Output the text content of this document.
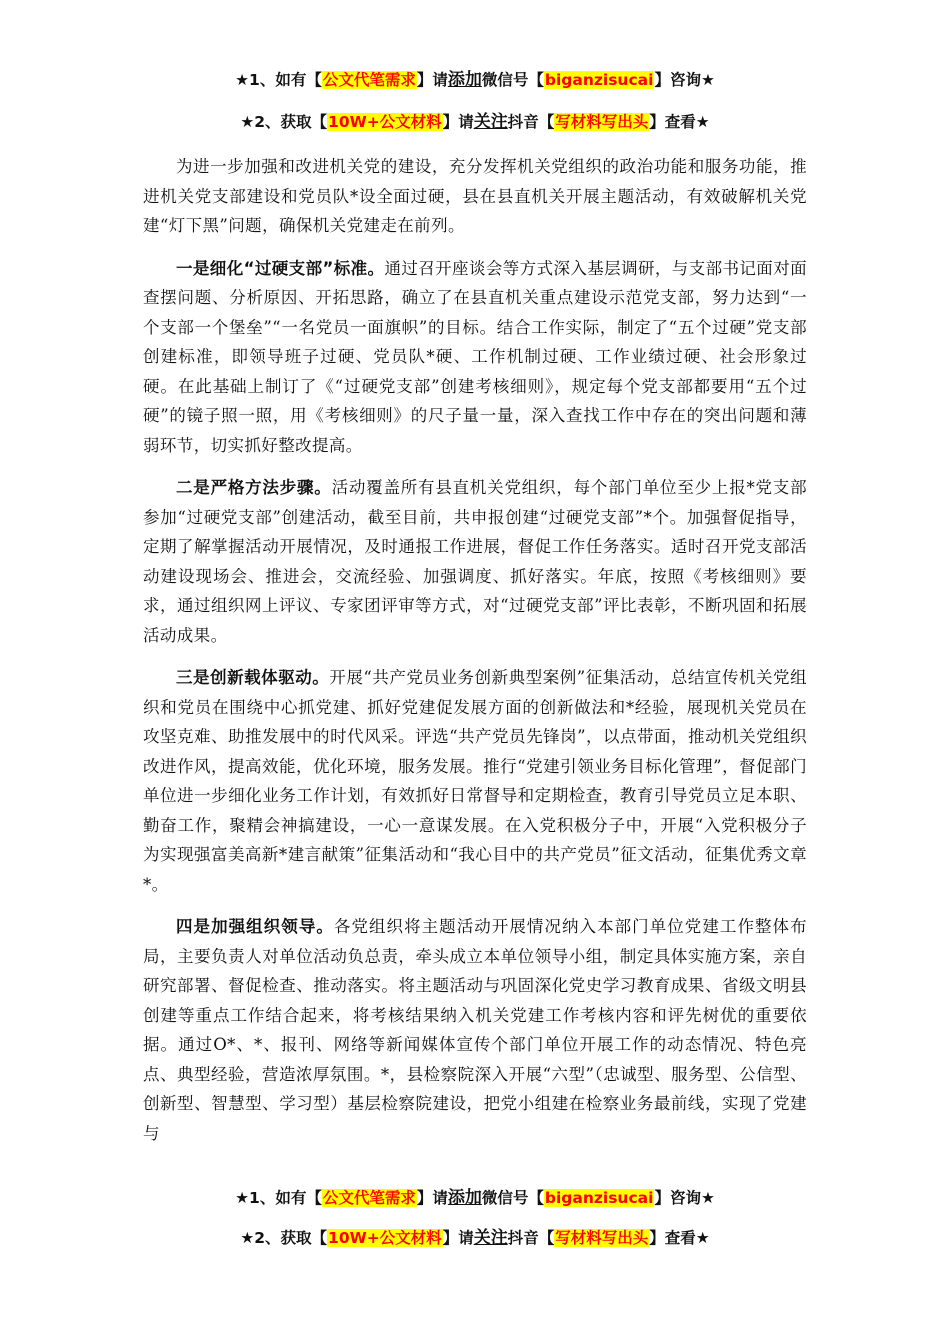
★1、如有【公文代笔需求】请添加微信号【biganzisucai】咨询★
★2、获取【10W+公文材料】请关注抖音【写材料写出头】查看★

为进一步加强和改进机关党的建设，充分发挥机关党组织的政治功能和服务功能，推进机关党支部建设和党员队*设全面过硬，县在县直机关开展主题活动，有效破解机关党建“灯下黑”问题，确保机关党建走在前列。

一是细化“过硬支部”标准。通过召开座谈会等方式深入基层调研，与支部书记面对面查摆问题、分析原因、开拓思路，确立了在县直机关重点建设示范党支部，努力达到“一个支部一个堡垒”“一名党员一面旗帜”的目标。结合工作实际，制定了“五个过硬”党支部创建标准，即领导班子过硬、党员队*硬、工作机制过硬、工作业绩过硬、社会形象过硬。在此基础上制订了《“过硬党支部”创建考核细则》，规定每个党支部都要用“五个过硬”的镜子照一照，用《考核细则》的尺子量一量，深入查找工作中存在的突出问题和薄弱环节，切实抓好整改提高。

二是严格方法步骤。活动覆盖所有县直机关党组织，每个部门单位至少上报*党支部参加“过硬党支部”创建活动，截至目前，共申报创建“过硬党支部”*个。加强督促指导，定期了解掌握活动开展情况，及时通报工作进展，督促工作任务落实。适时召开党支部活动建设现场会、推进会，交流经验、加强调度、抓好落实。年底，按照《考核细则》要求，通过组织网上评议、专家团评审等方式，对“过硬党支部”评比表彰，不断巩固和拓展活动成果。

三是创新载体驱动。开展“共产党员业务创新典型案例”征集活动，总结宣传机关党组织和党员在围绕中心抓党建、抓好党建促发展方面的创新做法和*经验，展现机关党员在攻坚克难、助推发展中的时代风采。评选“共产党员先锋岗”，以点带面，推动机关党组织改进作风，提高效能，优化环境，服务发展。推行“党建引领业务目标化管理”，督促部门单位进一步细化业务工作计划，有效抓好日常督导和定期检查，教育引导党员立足本职、勤奋工作，聚精会神搞建设，一心一意谋发展。在入党积极分子中，开展“入党积极分子为实现强富美高新*建言献策”征集活动和“我心目中的共产党员”征文活动，征集优秀文章*。

四是加强组织领导。各党组织将主题活动开展情况纳入本部门单位党建工作整体布局，主要负责人对单位活动负总责，牵头成立本单位领导小组，制定具体实施方案，亲自研究部署、督促检查、推动落实。将主题活动与巩固深化党史学习教育成果、省级文明县创建等重点工作结合起来，将考核结果纳入机关党建工作考核内容和评先树优的重要依据。通过O*、*、报刊、网络等新闻媒体宣传个部门单位开展工作的动态情况、特色亮点、典型经验，营造浓厚氛围。*，县检察院深入开展“六型”（忠诚型、服务型、公信型、创新型、智慧型、学习型）基层检察院建设，把党小组建在检察业务最前线，实现了党建与

★1、如有【公文代笔需求】请添加微信号【biganzisucai】咨询★
★2、获取【10W+公文材料】请关注抖音【写材料写出头】查看★
